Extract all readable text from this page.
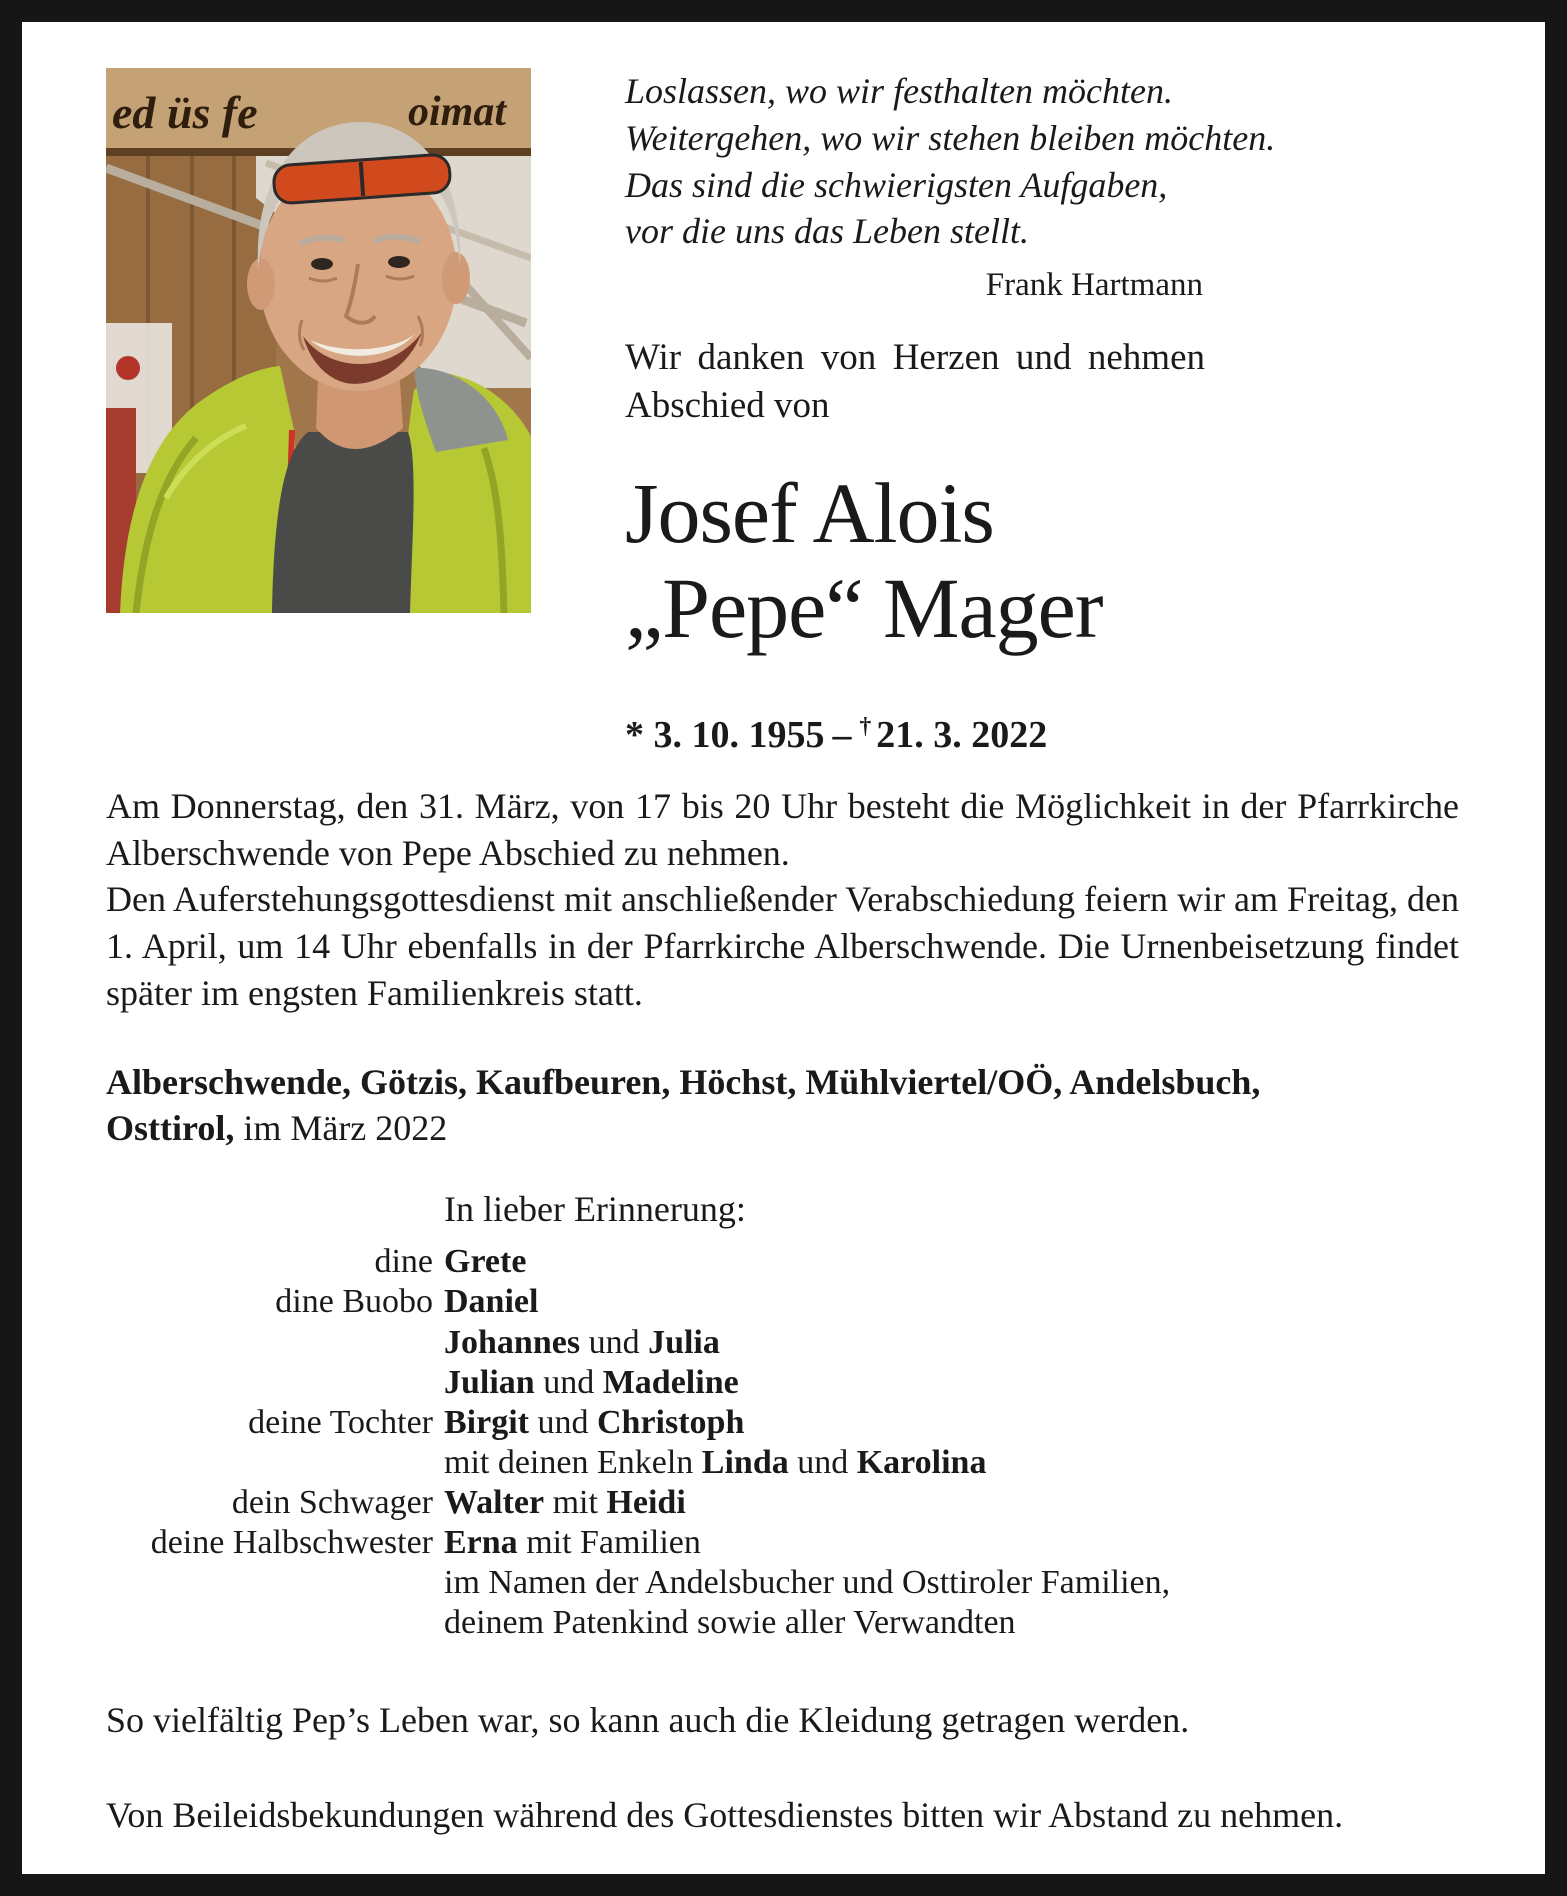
ed üs fe	oimat	Loslassen, wo wir festhalten möchten.
Weitergehen, wo wir stehen bleiben möchten.
Das sind die schwierigsten Aufgaben,
vor die uns das Leben stellt.
Frank Hartmann

Wir danken von Herzen und nehmen Abschied von

Josef Alois
„Pepe“ Mager
* 3. 10. 1955 – † 21. 3. 2022

Am Donnerstag, den 31. März, von 17 bis 20 Uhr besteht die Möglichkeit in der Pfarrkirche Alberschwende von Pepe Abschied zu nehmen.

Den Auferstehungsgottesdienst mit anschließender Verabschiedung feiern wir am Freitag, den 1. April, um 14 Uhr ebenfalls in der Pfarrkirche Alberschwende. Die Urnenbeisetzung findet später im engsten Familienkreis statt.

Alberschwende, Götzis, Kaufbeuren, Höchst, Mühlviertel/OÖ, Andelsbuch, Osttirol, im März 2022

In lieber Erinnerung:
dine Grete
dine Buobo Daniel
Johannes und Julia
Julian und Madeline
deine Tochter Birgit und Christoph
mit deinen Enkeln Linda und Karolina
dein Schwager Walter mit Heidi
deine Halbschwester Erna mit Familien
im Namen der Andelsbucher und Osttiroler Familien,
deinem Patenkind sowie aller Verwandten

So vielfältig Pep’s Leben war, so kann auch die Kleidung getragen werden.

Von Beileidsbekundungen während des Gottesdienstes bitten wir Abstand zu nehmen.
